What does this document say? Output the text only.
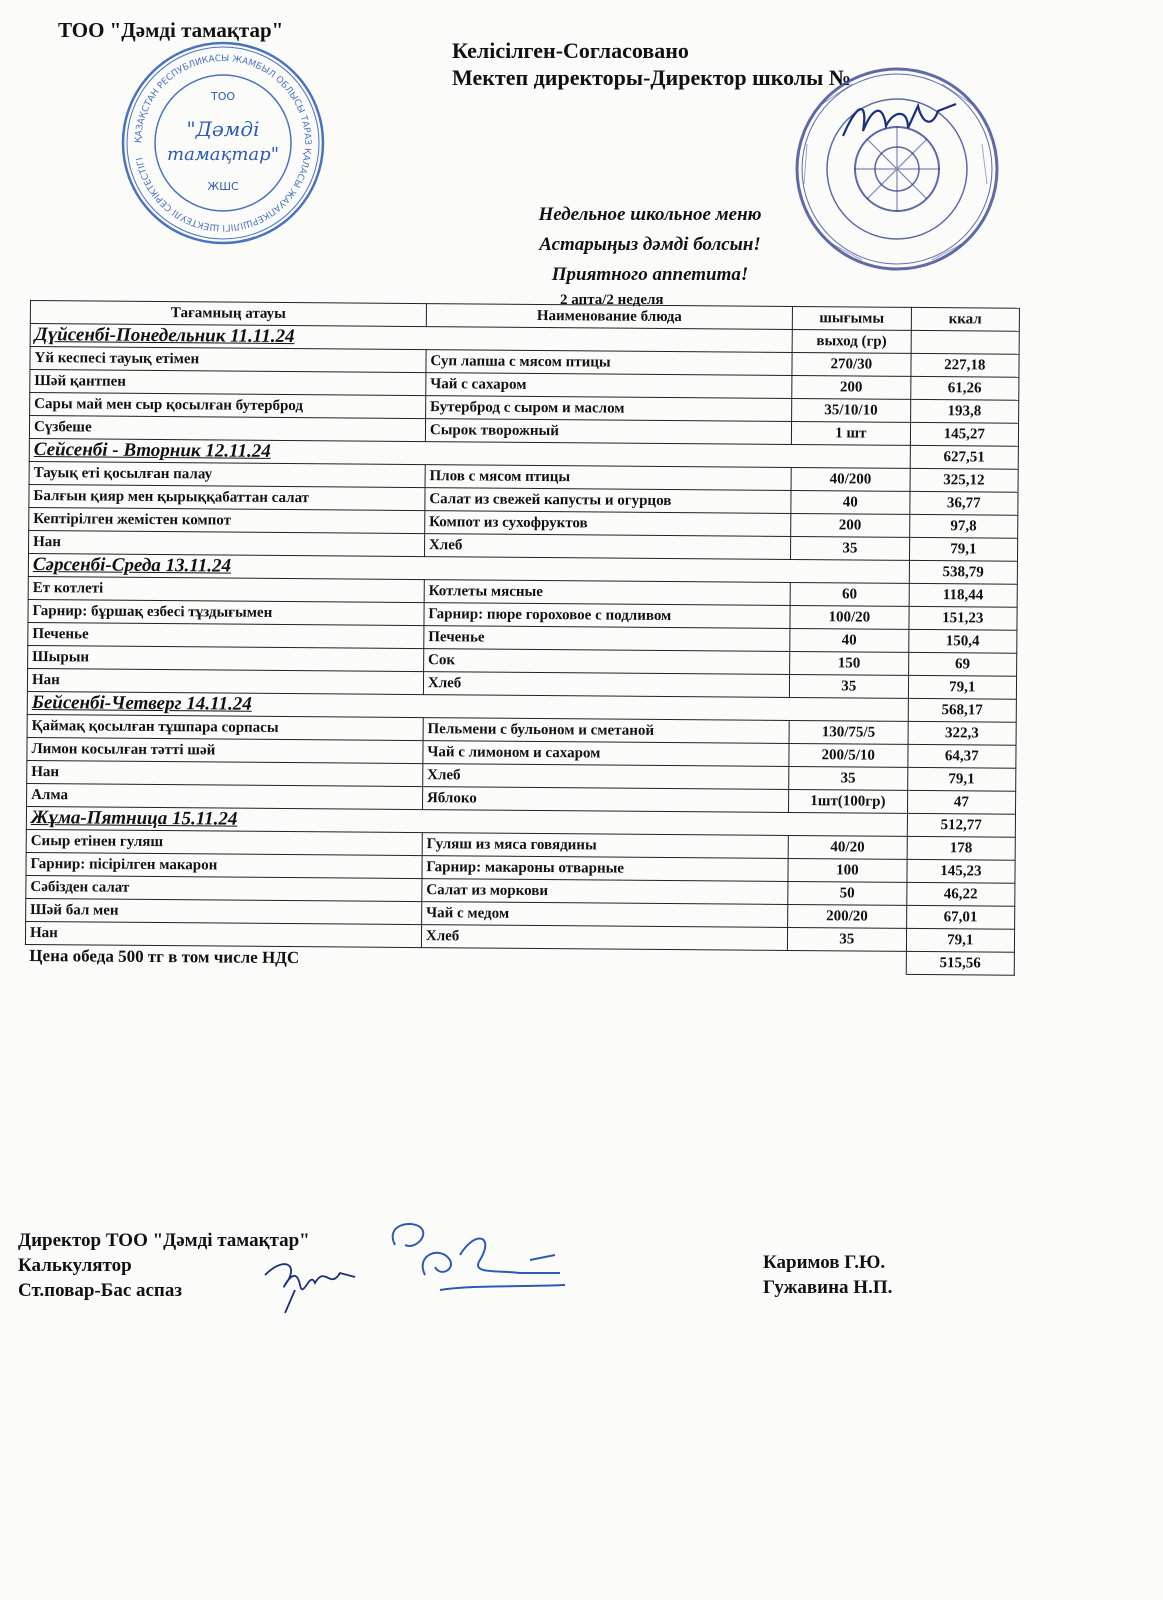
ТОО "Дәмді тамақтар"
Келісілген-Согласовано
Мектеп директоры-Директор школы №
ҚАЗАҚСТАН РЕСПУБЛИКАСЫ ЖАМБЫЛ ОБЛЫСЫ ТАРАЗ ҚАЛАСЫ ЖАУАПКЕРШІЛІГІ ШЕКТЕУЛІ СЕРІКТЕСТІГІ
ТОО
"Дәмді
тамақтар"
ЖШС
Недельное школьное меню
Астарыңыз дәмді болсын!
Приятного аппетита!
2 апта/2 неделя
Тағамның атауы	Наименование блюда	шығымы	ккал
Дүйсенбі-Понедельник 11.11.24		выход (гр)	
Үй кеспесі тауық етімен	Суп лапша с мясом птицы	270/30	227,18
Шәй қантпен	Чай с сахаром	200	61,26
Сары май мен сыр қосылған бутерброд	Бутерброд с сыром и маслом	35/10/10	193,8
Сүзбеше	Сырок творожный	1 шт	145,27
Сейсенбі - Вторник 12.11.24			627,51
Тауық еті қосылған палау	Плов с мясом птицы	40/200	325,12
Балғын қияр мен қырыққабаттан салат	Салат из свежей капусты и огурцов	40	36,77
Кептірілген жемістен компот	Компот из сухофруктов	200	97,8
Нан	Хлеб	35	79,1
Сәрсенбі-Среда 13.11.24			538,79
Ет котлеті	Котлеты мясные	60	118,44
Гарнир: бұршақ езбесі тұздығымен	Гарнир: пюре гороховое с подливом	100/20	151,23
Печенье	Печенье	40	150,4
Шырын	Сок	150	69
Нан	Хлеб	35	79,1
Бейсенбі-Четверг 14.11.24			568,17
Қаймақ қосылған тұшпара сорпасы	Пельмени с бульоном и сметаной	130/75/5	322,3
Лимон косылған тәтті шәй	Чай с лимоном и сахаром	200/5/10	64,37
Нан	Хлеб	35	79,1
Алма	Яблоко	1шт(100гр)	47
Жұма-Пятница 15.11.24			512,77
Сиыр етінен гуляш	Гуляш из мяса говядины	40/20	178
Гарнир: пісірілген макарон	Гарнир: макароны отварные	100	145,23
Сәбізден салат	Салат из моркови	50	46,22
Шәй бал мен	Чай с медом	200/20	67,01
Нан	Хлеб	35	79,1
Цена обеда 500 тг в том числе НДС			515,56
Директор ТОО "Дәмді тамақтар"
Калькулятор
Ст.повар-Бас аспаз
Каримов Г.Ю.
Гужавина Н.П.
